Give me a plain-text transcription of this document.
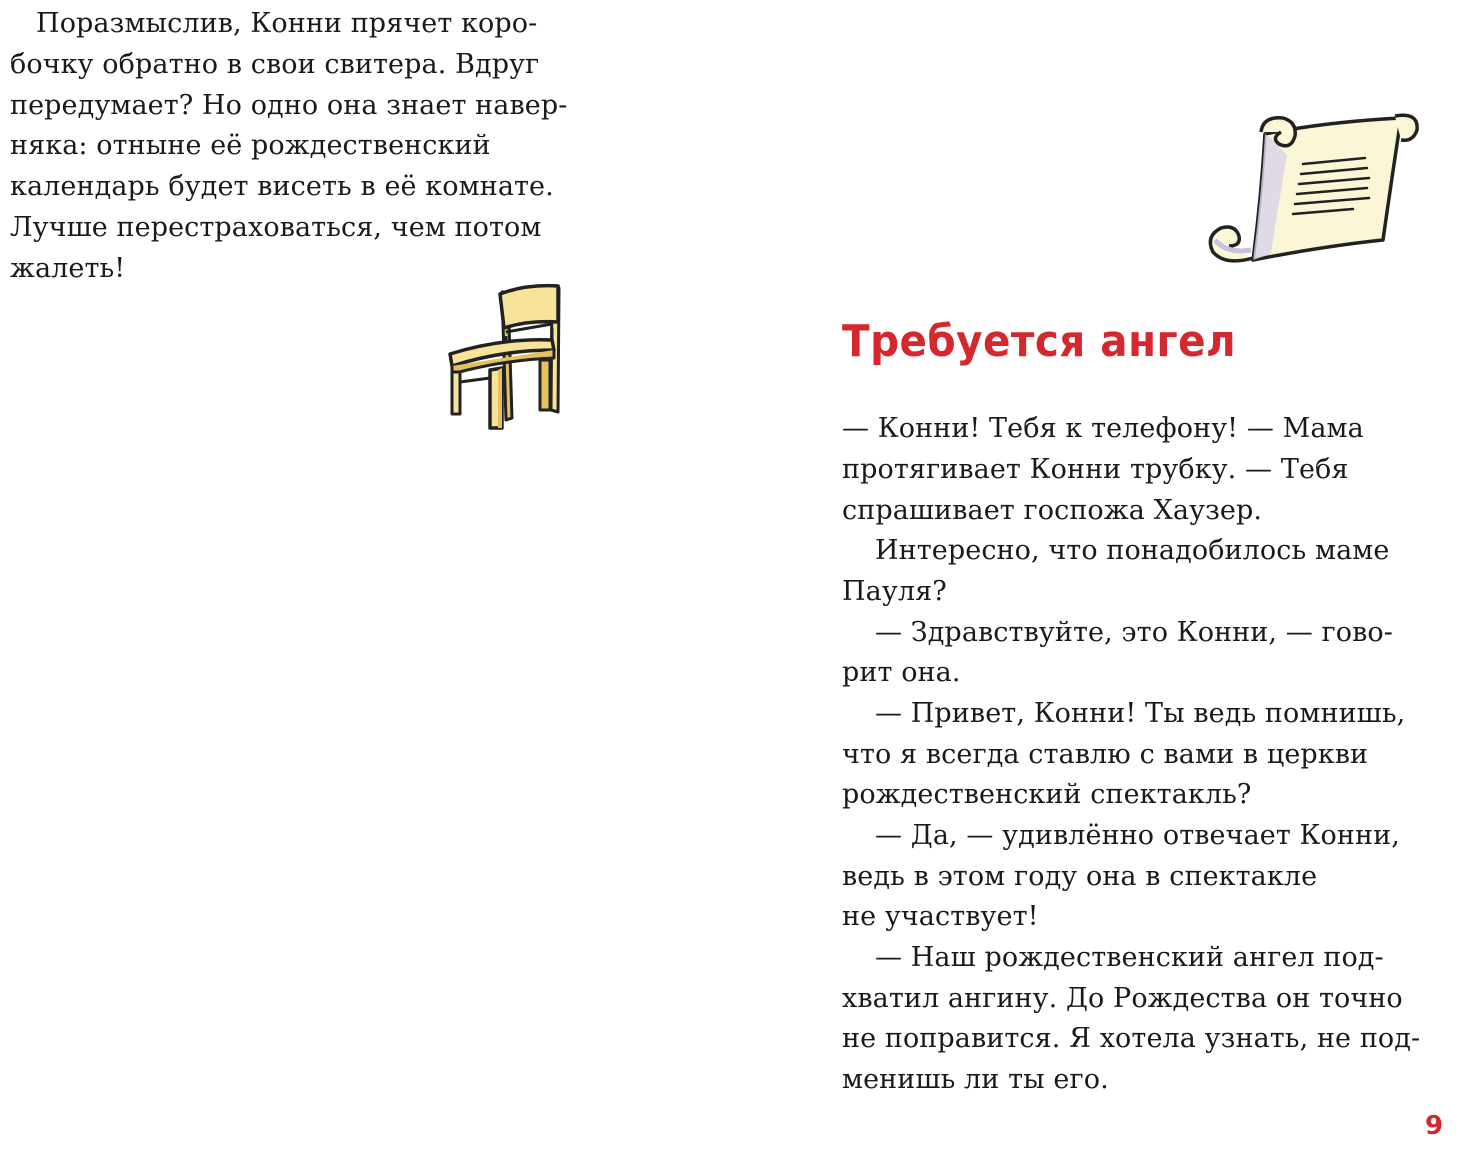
Поразмыслив, Конни прячет коро-
бочку обратно в свои свитера. Вдруг
передумает? Но одно она знает навер-
няка: отныне её рождественский
календарь будет висеть в её комнате.
Лучше перестраховаться, чем потом
жалеть!
Требуется ангел
— Конни! Тебя к телефону! — Мама
протягивает Конни трубку. — Тебя
спрашивает госпожа Хаузер.
Интересно, что понадобилось маме
Пауля?
— Здравствуйте, это Конни, — гово-
рит она.
— Привет, Конни! Ты ведь помнишь,
что я всегда ставлю с вами в церкви
рождественский спектакль?
— Да, — удивлённо отвечает Конни,
ведь в этом году она в спектакле
не участвует!
— Наш рождественский ангел под-
хватил ангину. До Рождества он точно
не поправится. Я хотела узнать, не под-
менишь ли ты его.
9
